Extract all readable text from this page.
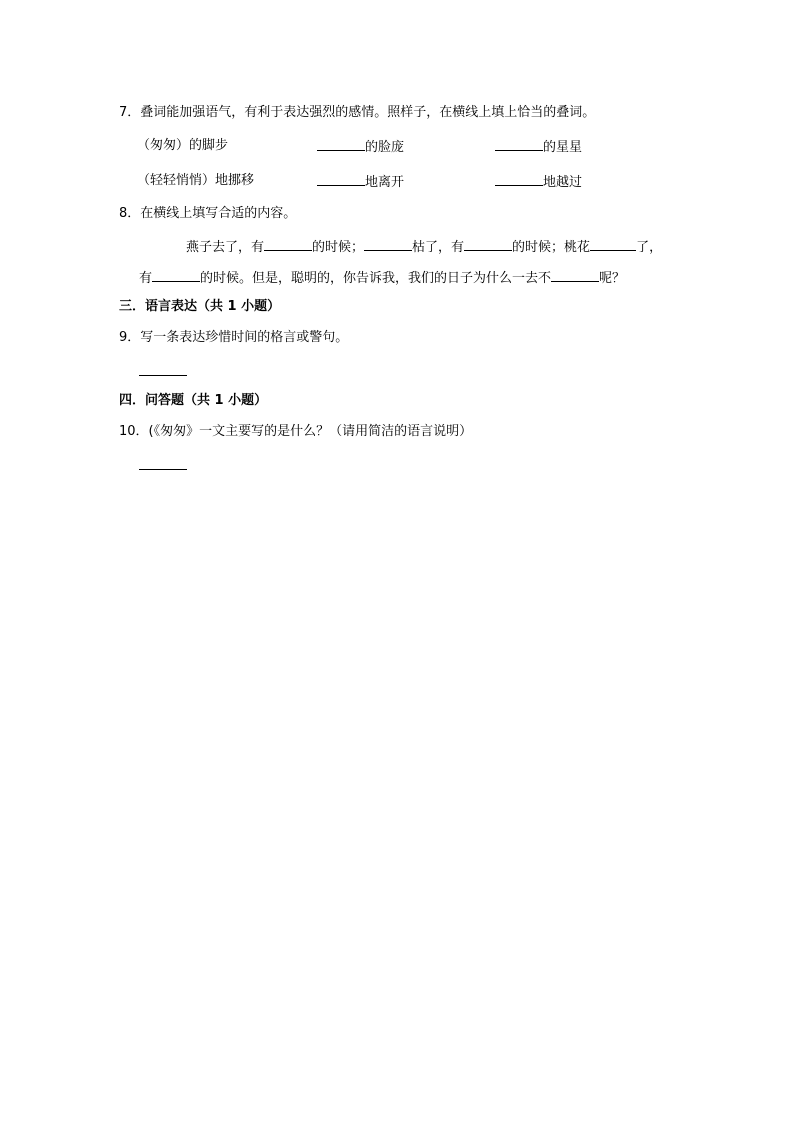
7．叠词能加强语气，有利于表达强烈的感情。照样子，在横线上填上恰当的叠词。
（匆匆）的脚步	的脸庞	的星星
（轻轻悄悄）地挪移	地离开	地越过
8．在横线上填写合适的内容。
燕子去了，有	的时候；	枯了，有	的时候；桃花	了，
有	的时候。但是，聪明的，你告诉我，我们的日子为什么一去不	呢？
三．语言表达（共 1 小题）
9．写一条表达珍惜时间的格言或警句。
四．问答题（共 1 小题）
10．(《匆匆》一文主要写的是什么？（请用简洁的语言说明）
